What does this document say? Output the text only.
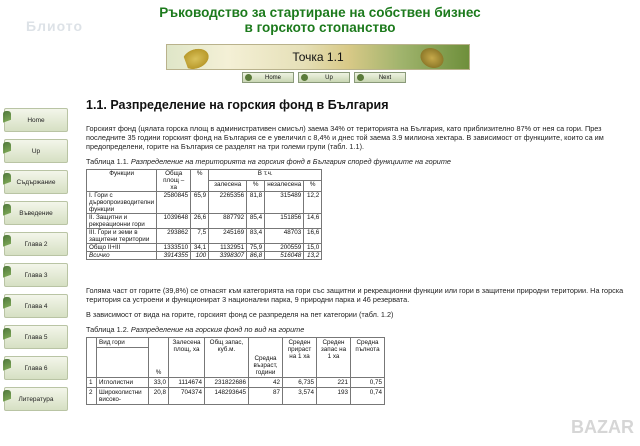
Блиото
Ръководство за стартиране на собствен бизнес
в горското стопанство
Точка 1.1
Home	Up	Next
Home
Up
Съдържание
Въведение
Глава 2
Глава 3
Глава 4
Глава 5
Глава 6
Литература
1.1. Разпределение на горския фонд в България

Горският фонд (цялата горска площ в административен смисъл) заема 34% от територията на България, като приблизително 87% от нея са гори. През последните 35 години горският фонд на България се е увеличил с 8,4% и днес той заема 3.9 милиона хектара. В зависимост от функциите, които са им предопределени, горите на България се разделят на три големи групи (табл. 1.1).

Таблица 1.1. Разпределение на територията на горския фонд в България според функциите на горите
Функции	Обща площ – ха	%	В т.ч.			
			залесена	%	незалесена	%
I. Гори с дървопроизводителни функции	2580845	65,9	2265356	81,8	315489	12,2
II. Защитни и рекреационни гори	1039648	26,6	887792	85,4	151856	14,6
III. Гори и земи в защитени територии	293862	7,5	245169	83,4	48703	16,6
Общо II+III	1333510	34,1	1132951	75,9	200559	15,0
Всичко	3914355	100	3398307	86,8	516048	13,2

Голяма част от горите (39,8%) се отнасят към категорията на гори със защитни и рекреационни функции или гори в защитени природни територии. На горска територия са устроени и функционират 3 национални парка, 9 природни парка и 46 резервата.

В зависимост от вида на горите, горският фонд се разпределя на пет категории (табл. 1.2)

Таблица 1.2. Разпределение на горския фонд по вид на горите
	Вид гори	%	Залесена площ, ха	Общ запас, куб.м.	Средна възраст, години	Среден прираст на 1 ха	Среден запас на 1 ха	Средна пълнота

1	Иглолистни	33,0	1114674	231822686	42	6,735	221	0,75
2	Широколистни високо-	20,8	704374	148293645	87	3,574	193	0,74
BAZAR
